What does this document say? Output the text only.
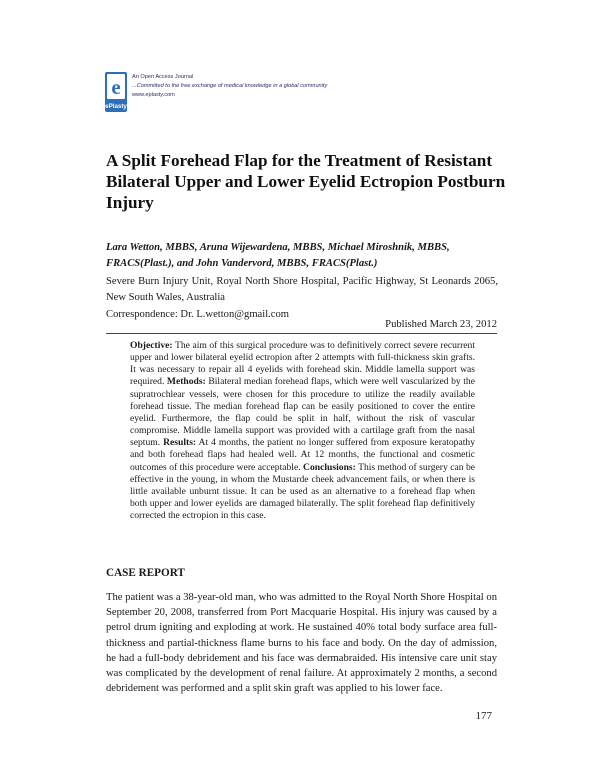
e
ePlasty
An Open Access Journal
...Committed to the free exchange of medical knowledge in a global community
www.eplasty.com
A Split Forehead Flap for the Treatment of Resistant Bilateral Upper and Lower Eyelid Ectropion Postburn Injury

Lara Wetton, MBBS, Aruna Wijewardena, MBBS, Michael Miroshnik, MBBS, FRACS(Plast.), and John Vandervord, MBBS, FRACS(Plast.)

Severe Burn Injury Unit, Royal North Shore Hospital, Pacific Highway, St Leonards 2065, New South Wales, Australia

Correspondence: Dr. L.wetton@gmail.com

Published March 23, 2012

Objective: The aim of this surgical procedure was to definitively correct severe recurrent upper and lower bilateral eyelid ectropion after 2 attempts with full-thickness skin grafts. It was necessary to repair all 4 eyelids with forehead skin. Middle lamella support was required. Methods: Bilateral median forehead flaps, which were well vascularized by the supratrochlear vessels, were chosen for this procedure to utilize the readily available forehead tissue. The median forehead flap can be easily positioned to cover the entire eyelid. Furthermore, the flap could be split in half, without the risk of vascular compromise. Middle lamella support was provided with a cartilage graft from the nasal septum. Results: At 4 months, the patient no longer suffered from exposure keratopathy and both forehead flaps had healed well. At 12 months, the functional and cosmetic outcomes of this procedure were acceptable. Conclusions: This method of surgery can be effective in the young, in whom the Mustarde cheek advancement fails, or when there is little available unburnt tissue. It can be used as an alternative to a forehead flap when both upper and lower eyelids are damaged bilaterally. The split forehead flap definitively corrected the ectropion in this case.

CASE REPORT

The patient was a 38-year-old man, who was admitted to the Royal North Shore Hospital on September 20, 2008, transferred from Port Macquarie Hospital. His injury was caused by a petrol drum igniting and exploding at work. He sustained 40% total body surface area full-thickness and partial-thickness flame burns to his face and body. On the day of admission, he had a full-body debridement and his face was dermabraided. His intensive care unit stay was complicated by the development of renal failure. At approximately 2 months, a second debridement was performed and a split skin graft was applied to his lower face.

177
